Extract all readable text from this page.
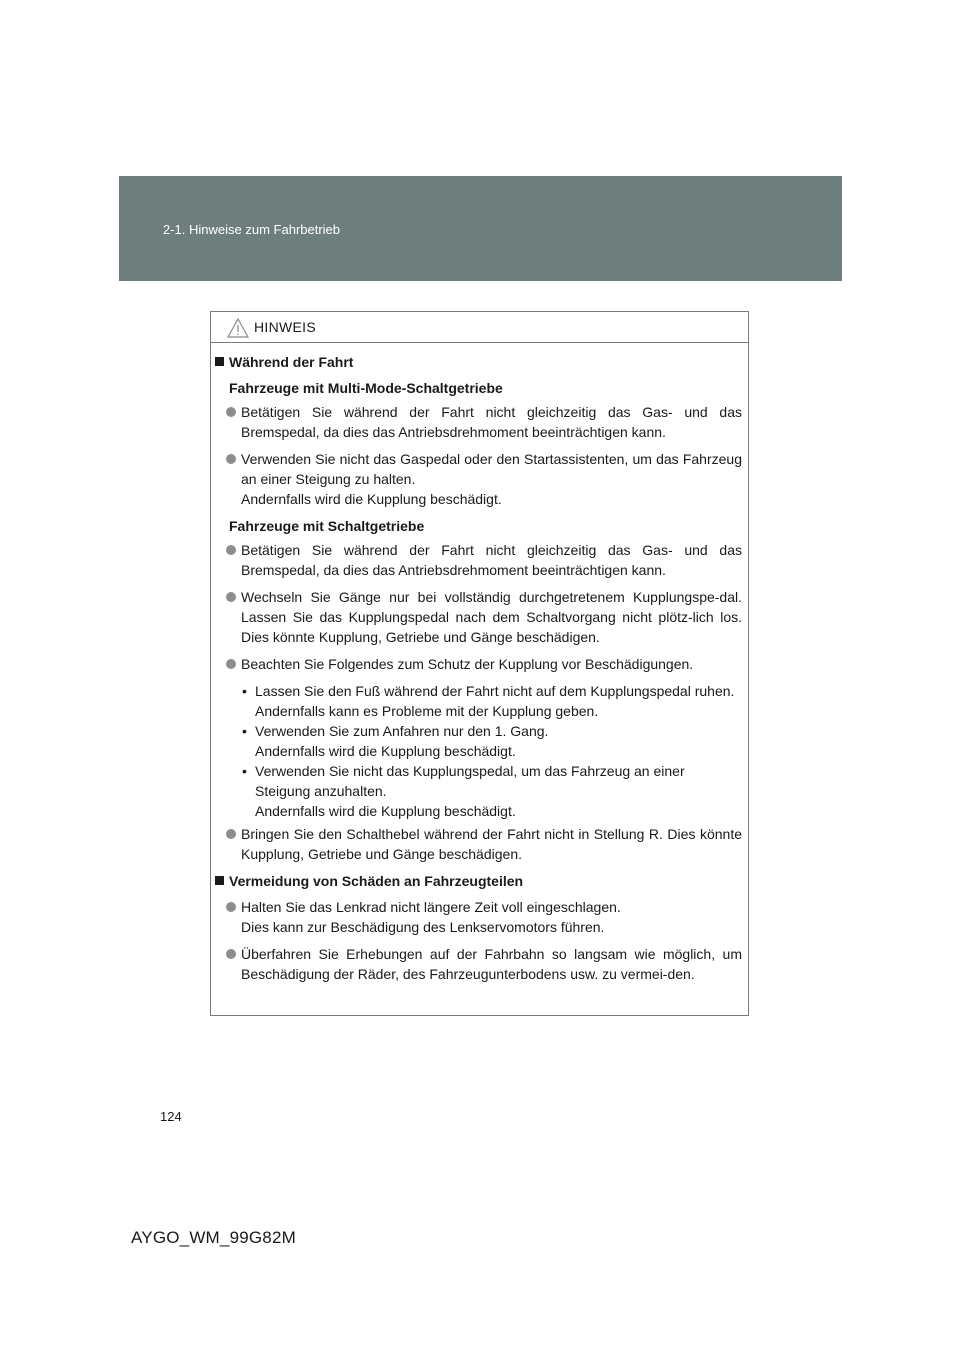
2-1. Hinweise zum Fahrbetrieb
HINWEIS
Während der Fahrt
Fahrzeuge mit Multi-Mode-Schaltgetriebe
Betätigen Sie während der Fahrt nicht gleichzeitig das Gas- und das Bremspedal, da dies das Antriebsdrehmoment beeinträchtigen kann.
Verwenden Sie nicht das Gaspedal oder den Startassistenten, um das Fahrzeug an einer Steigung zu halten.
Andernfalls wird die Kupplung beschädigt.
Fahrzeuge mit Schaltgetriebe
Betätigen Sie während der Fahrt nicht gleichzeitig das Gas- und das Bremspedal, da dies das Antriebsdrehmoment beeinträchtigen kann.
Wechseln Sie Gänge nur bei vollständig durchgetretenem Kupplungspe-dal. Lassen Sie das Kupplungspedal nach dem Schaltvorgang nicht plötz-lich los. Dies könnte Kupplung, Getriebe und Gänge beschädigen.
Beachten Sie Folgendes zum Schutz der Kupplung vor Beschädigungen.
• Lassen Sie den Fuß während der Fahrt nicht auf dem Kupplungspedal ruhen.
Andernfalls kann es Probleme mit der Kupplung geben.
• Verwenden Sie zum Anfahren nur den 1. Gang.
Andernfalls wird die Kupplung beschädigt.
• Verwenden Sie nicht das Kupplungspedal, um das Fahrzeug an einer Steigung anzuhalten.
Andernfalls wird die Kupplung beschädigt.
Bringen Sie den Schalthebel während der Fahrt nicht in Stellung R. Dies könnte Kupplung, Getriebe und Gänge beschädigen.
Vermeidung von Schäden an Fahrzeugteilen
Halten Sie das Lenkrad nicht längere Zeit voll eingeschlagen.
Dies kann zur Beschädigung des Lenkservomotors führen.
Überfahren Sie Erhebungen auf der Fahrbahn so langsam wie möglich, um Beschädigung der Räder, des Fahrzeugunterbodens usw. zu vermei-den.
124
AYGO_WM_99G82M
